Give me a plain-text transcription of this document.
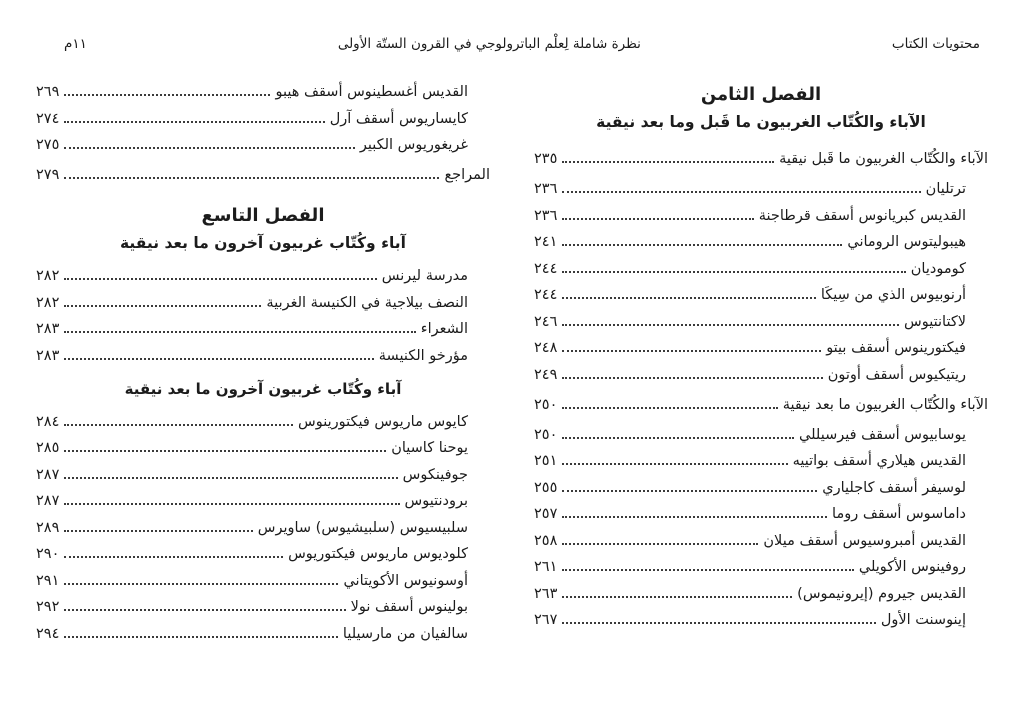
محتويات الكتاب
نظرة شاملة لِعلْم الباترولوجي في القرون الستّة الأولى
١١م
الفصل الثامن
الآباء والكُتّاب الغربيون ما قَبل وما بعد نيقية
الآباء والكُتّاب الغربيون ما قَبل نيقية
٢٣٥
ترتليان
٢٣٦
القديس كبريانوس أسقف قرطاجنة
٢٣٦
هيبوليتوس الروماني
٢٤١
كوموديان
٢٤٤
أرنوبيوس الذي من سِيكَا
٢٤٤
لاكتانتيوس
٢٤٦
فيكتورينوس أسقف بيتو
٢٤٨
ريتيكيوس أسقف أوتون
٢٤٩
الآباء والكُتّاب الغربيون ما بعد نيقية
٢٥٠
يوسابيوس أسقف فيرسيللي
٢٥٠
القديس هيلاري أسقف بواتييه
٢٥١
لوسيفر أسقف كاجلياري
٢٥٥
داماسوس أسقف روما
٢٥٧
القديس أمبروسيوس أسقف ميلان
٢٥٨
روفينوس الأكويلي
٢٦١
القديس جيروم (إيرونيموس)
٢٦٣
إينوسنت الأول
٢٦٧
القديس أغسطينوس أسقف هيبو
٢٦٩
كايساريوس أسقف آرل
٢٧٤
غريغوريوس الكبير
٢٧٥
المراجع
٢٧٩
الفصل التاسع
آباء وكُتّاب غربيون آخرون ما بعد نيقية
مدرسة ليرنس
٢٨٢
النصف بيلاجية في الكنيسة الغربية
٢٨٢
الشعراء
٢٨٣
مؤرخو الكنيسة
٢٨٣
آباء وكُتّاب غربيون آخرون ما بعد نيقية
كايوس ماريوس فيكتورينوس
٢٨٤
يوحنا كاسيان
٢٨٥
جوفينكوس
٢٨٧
برودنتيوس
٢٨٧
سلبيسيوس (سلبيشيوس) ساويرس
٢٨٩
كلوديوس ماريوس فيكتوريوس
٢٩٠
أوسونيوس الأكويتاني
٢٩١
بولينوس أسقف نولا
٢٩٢
سالفيان من مارسيليا
٢٩٤
